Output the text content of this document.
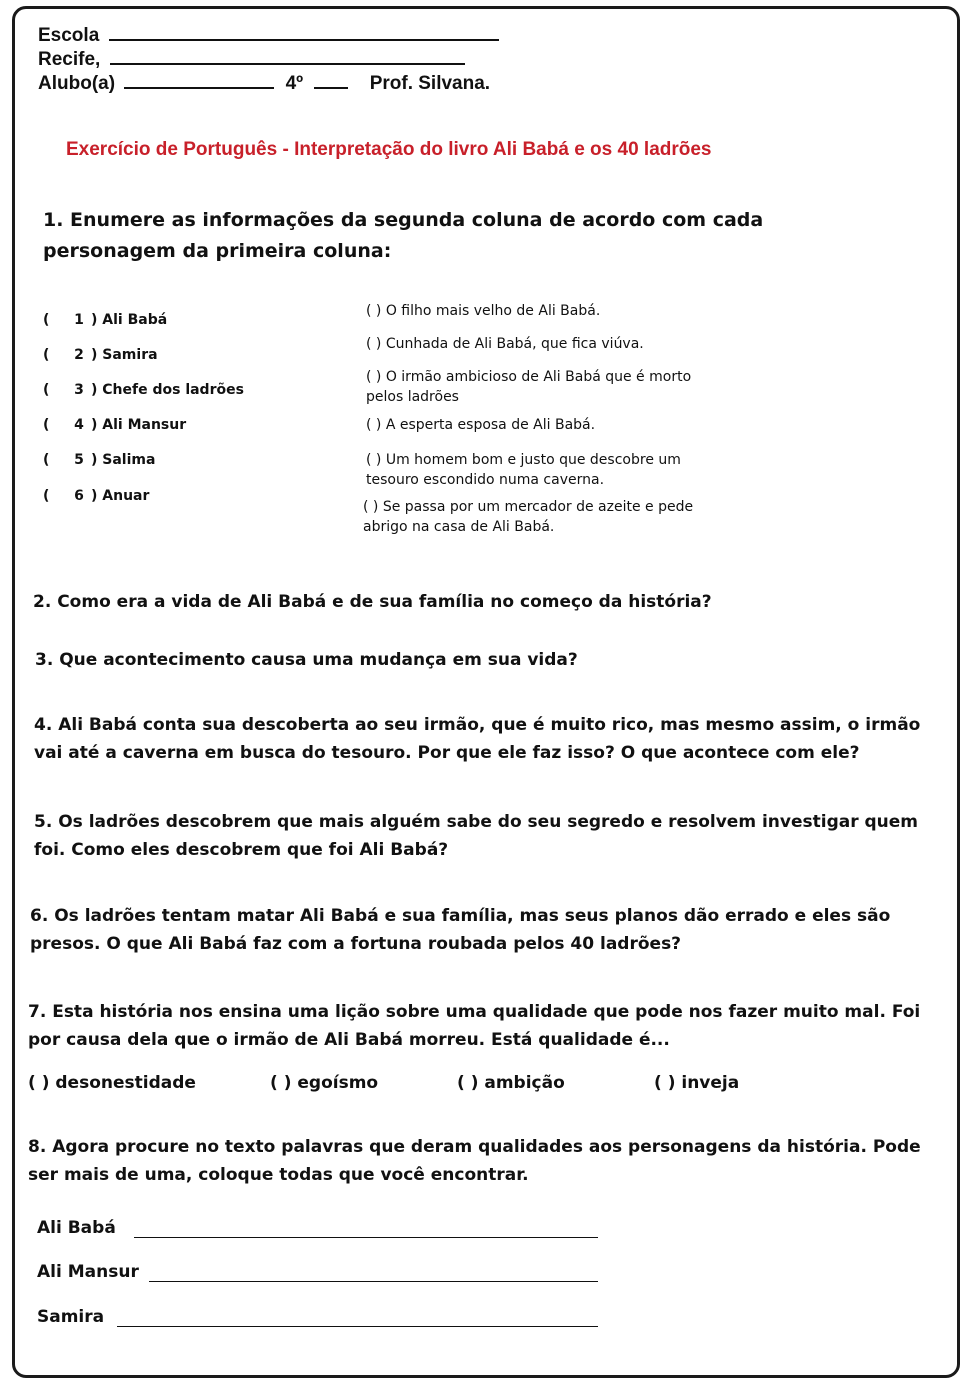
Escola
Recife,
Alubo(a)	4º	Prof. Silvana.
Exercício de Português - Interpretação do livro Ali Babá e os 40 ladrões
1. Enumere as informações da segunda coluna de acordo com cada personagem da primeira coluna:
( 1 ) Ali Babá
( 2 ) Samira
( 3 ) Chefe dos ladrões
( 4 ) Ali Mansur
( 5 ) Salima
( 6 ) Anuar
( ) O filho mais velho de Ali Babá.
( ) Cunhada de Ali Babá, que fica viúva.
( ) O irmão ambicioso de Ali Babá que é morto pelos ladrões
( ) A esperta esposa de Ali Babá.
( ) Um homem bom e justo que descobre um tesouro escondido numa caverna.
( ) Se passa por um mercador de azeite e pede abrigo na casa de Ali Babá.
2. Como era a vida de Ali Babá e de sua família no começo da história?
3. Que acontecimento causa uma mudança em sua vida?
4. Ali Babá conta sua descoberta ao seu irmão, que é muito rico, mas mesmo assim, o irmão vai até a caverna em busca do tesouro. Por que ele faz isso? O que acontece com ele?
5. Os ladrões descobrem que mais alguém sabe do seu segredo e resolvem investigar quem foi. Como eles descobrem que foi Ali Babá?
6. Os ladrões tentam matar Ali Babá e sua família, mas seus planos dão errado e eles são presos. O que Ali Babá faz com a fortuna roubada pelos 40 ladrões?
7. Esta história nos ensina uma lição sobre uma qualidade que pode nos fazer muito mal. Foi por causa dela que o irmão de Ali Babá morreu. Está qualidade é...
( ) desonestidade	( ) egoísmo	( ) ambição	( ) inveja
8. Agora procure no texto palavras que deram qualidades aos personagens da história. Pode ser mais de uma, coloque todas que você encontrar.
Ali Babá
Ali Mansur
Samira
